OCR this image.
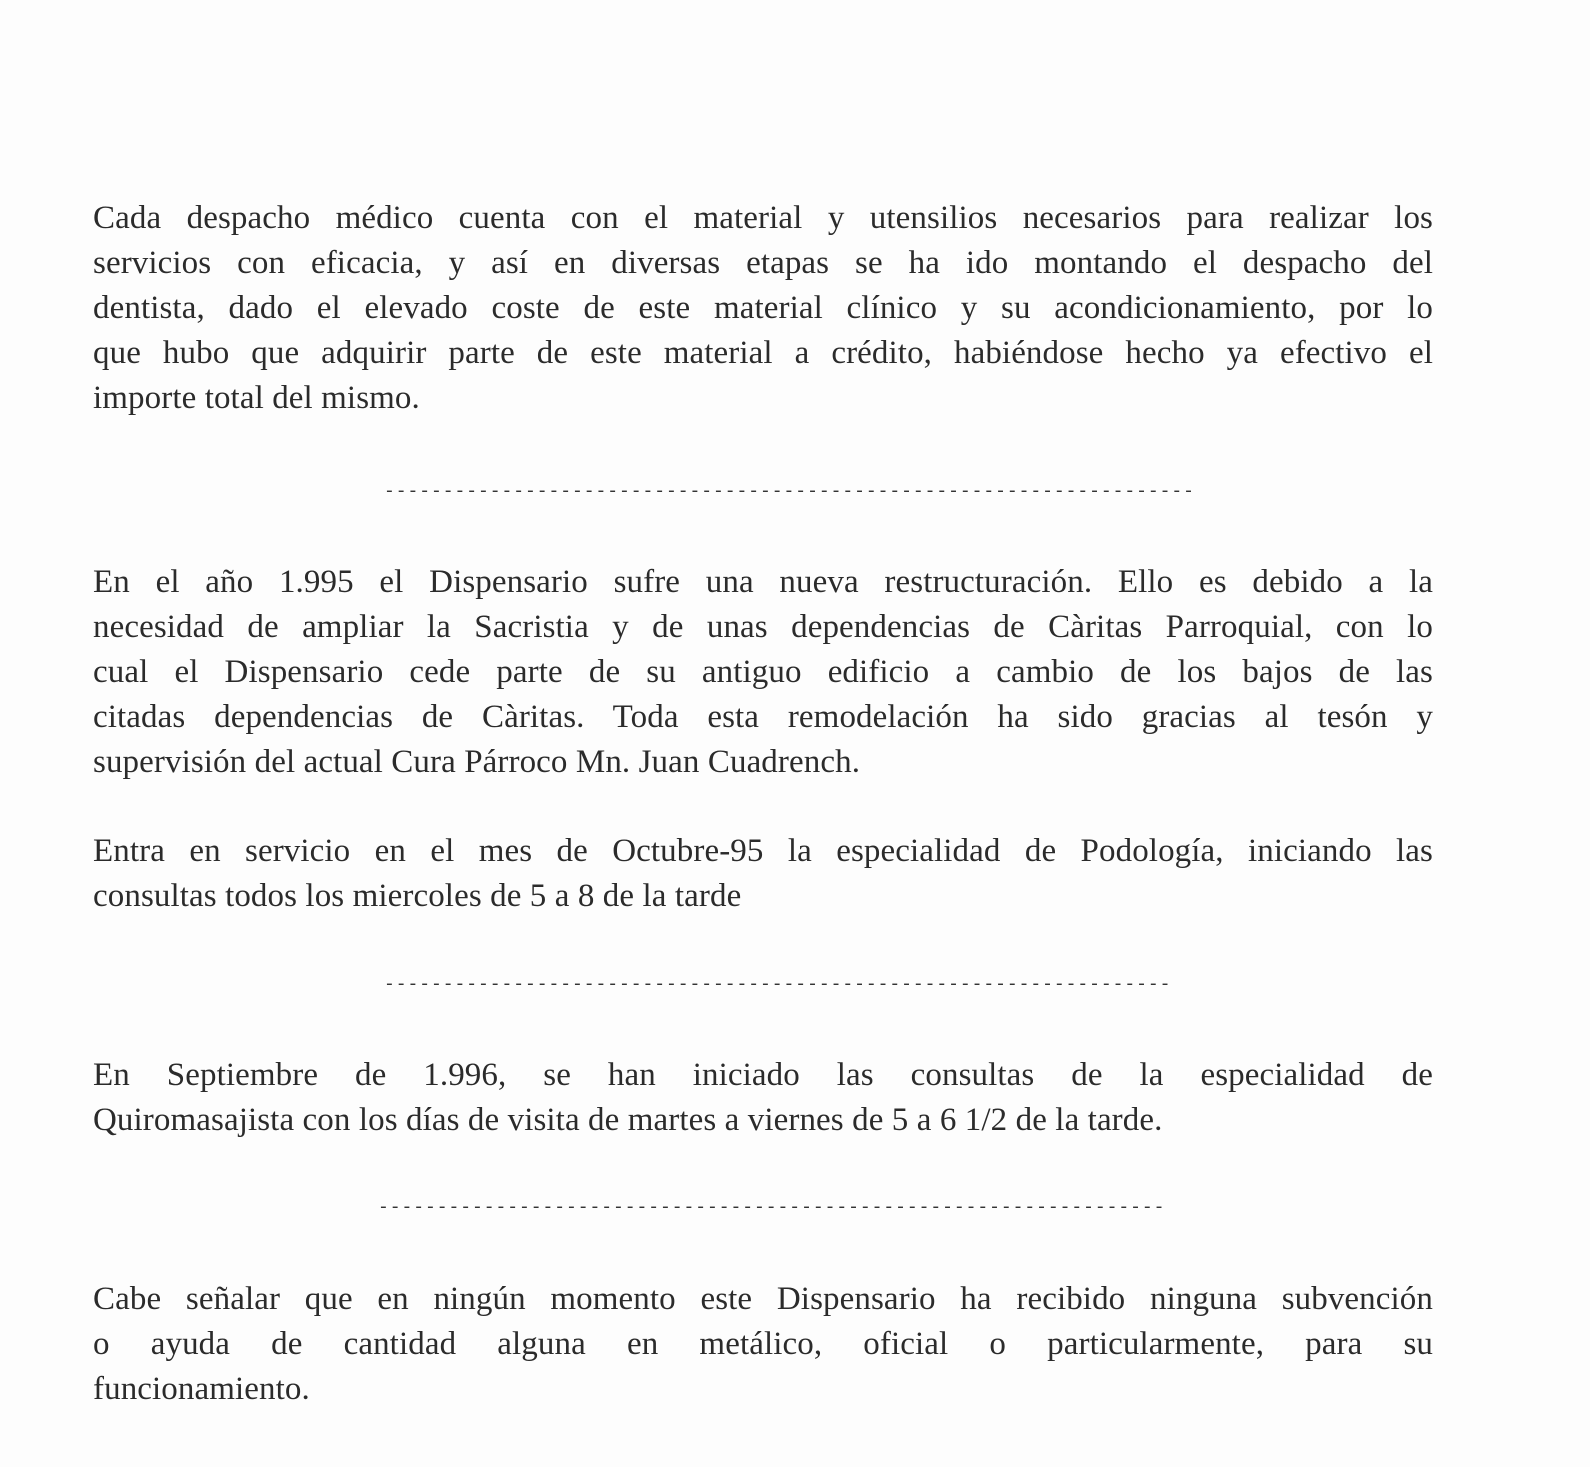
Cada despacho médico cuenta con el material y utensilios necesarios para realizar los
servicios con eficacia, y así en diversas etapas se ha ido montando el despacho del
dentista, dado el elevado coste de este material clínico y su acondicionamiento, por lo
que hubo que adquirir parte de este material a crédito, habiéndose hecho ya efectivo el
importe total del mismo.

---------------------------------------------------------------------

En el año 1.995 el Dispensario sufre una nueva restructuración. Ello es debido a la
necesidad de ampliar la Sacristia y de unas dependencias de Càritas Parroquial, con lo
cual el Dispensario cede parte de su antiguo edificio a cambio de los bajos de las
citadas dependencias de Càritas. Toda esta remodelación ha sido gracias al tesón y
supervisión del actual Cura Párroco Mn. Juan Cuadrench.

Entra en servicio en el mes de Octubre-95 la especialidad de Podología, iniciando las
consultas todos los miercoles de 5 a 8 de la tarde

-------------------------------------------------------------------

En Septiembre de 1.996, se han iniciado las consultas de la especialidad de
Quiromasajista con los días de visita de martes a viernes de 5 a 6 1/2 de la tarde.

-------------------------------------------------------------------

Cabe señalar que en ningún momento este Dispensario ha recibido ninguna subvención
o ayuda de cantidad alguna en metálico, oficial o particularmente, para su
funcionamiento.
